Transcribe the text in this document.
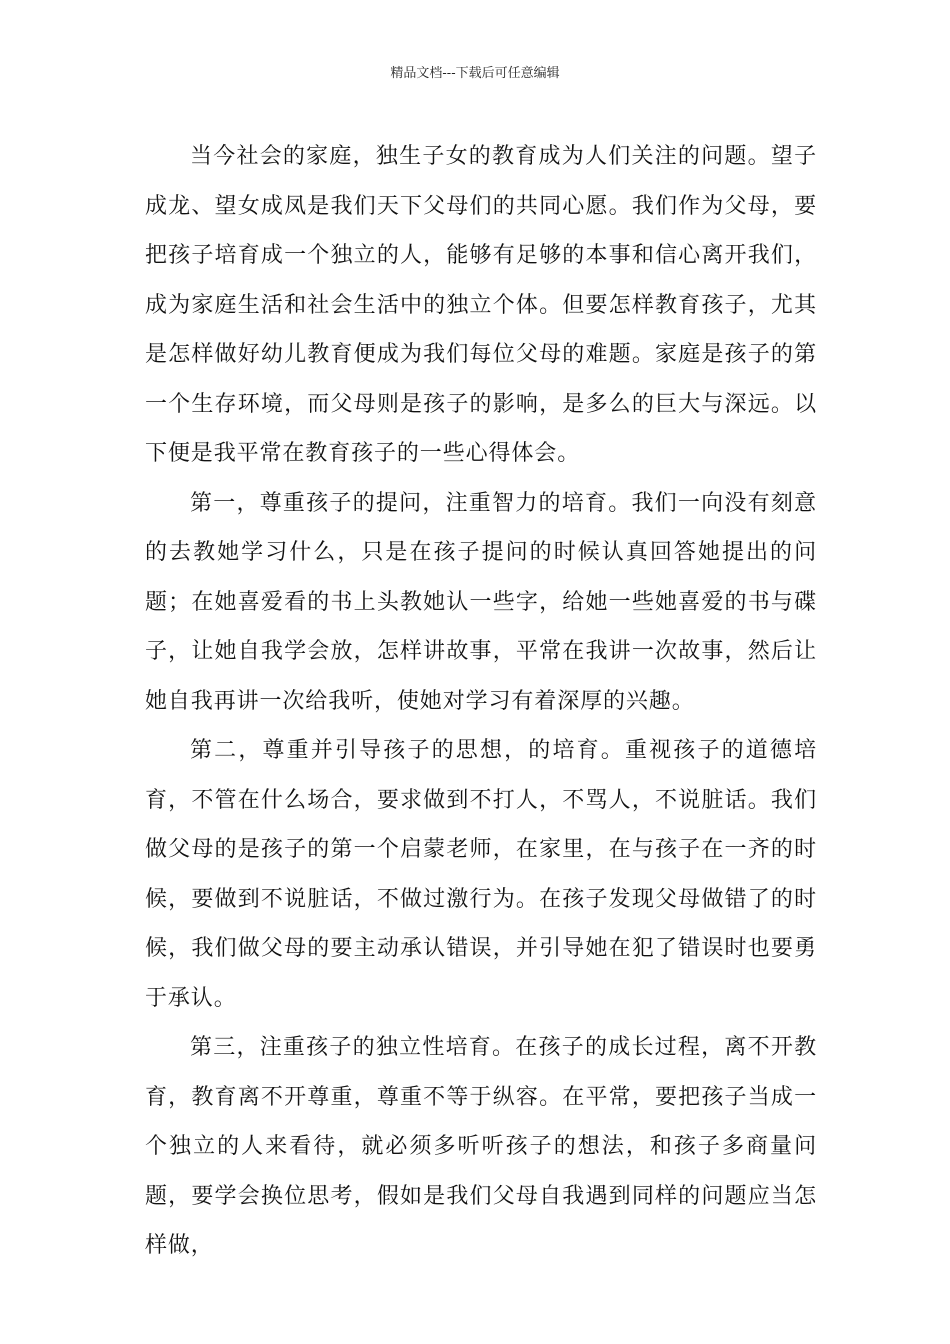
精品文档---下载后可任意编辑

当今社会的家庭，独生子女的教育成为人们关注的问题。望子成龙、望女成凤是我们天下父母们的共同心愿。我们作为父母，要把孩子培育成一个独立的人，能够有足够的本事和信心离开我们，成为家庭生活和社会生活中的独立个体。但要怎样教育孩子，尤其是怎样做好幼儿教育便成为我们每位父母的难题。家庭是孩子的第一个生存环境，而父母则是孩子的影响，是多么的巨大与深远。以下便是我平常在教育孩子的一些心得体会。

第一，尊重孩子的提问，注重智力的培育。我们一向没有刻意的去教她学习什么，只是在孩子提问的时候认真回答她提出的问题；在她喜爱看的书上头教她认一些字，给她一些她喜爱的书与碟子，让她自我学会放，怎样讲故事，平常在我讲一次故事，然后让她自我再讲一次给我听，使她对学习有着深厚的兴趣。

第二，尊重并引导孩子的思想，的培育。重视孩子的道德培育，不管在什么场合，要求做到不打人，不骂人，不说脏话。我们做父母的是孩子的第一个启蒙老师，在家里，在与孩子在一齐的时候，要做到不说脏话，不做过激行为。在孩子发现父母做错了的时候，我们做父母的要主动承认错误，并引导她在犯了错误时也要勇于承认。

第三，注重孩子的独立性培育。在孩子的成长过程，离不开教育，教育离不开尊重，尊重不等于纵容。在平常，要把孩子当成一个独立的人来看待，就必须多听听孩子的想法，和孩子多商量问题，要学会换位思考，假如是我们父母自我遇到同样的问题应当怎样做，
